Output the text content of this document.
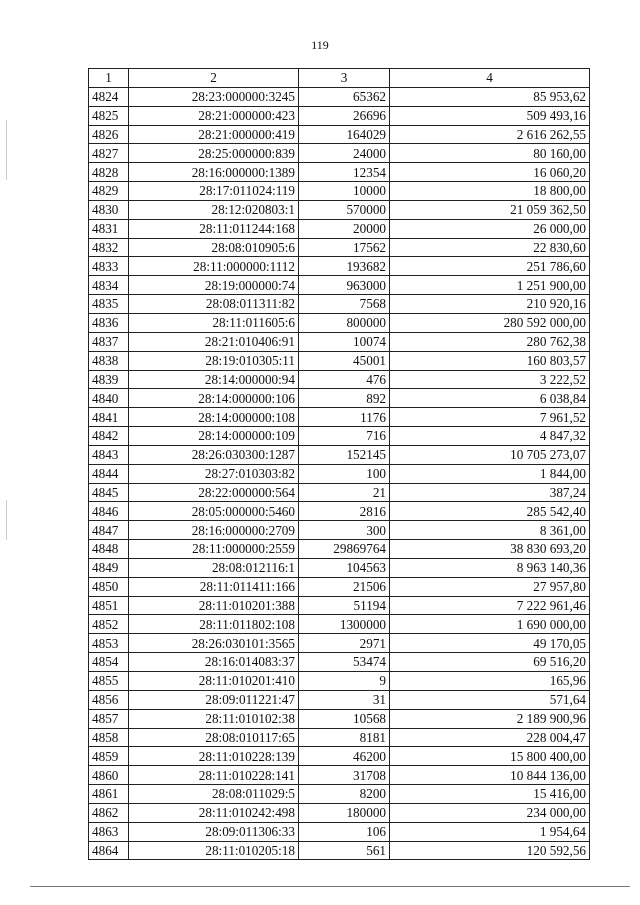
119
1	2	3	4
4824	28:23:000000:3245	65362	85 953,62
4825	28:21:000000:423	26696	509 493,16
4826	28:21:000000:419	164029	2 616 262,55
4827	28:25:000000:839	24000	80 160,00
4828	28:16:000000:1389	12354	16 060,20
4829	28:17:011024:119	10000	18 800,00
4830	28:12:020803:1	570000	21 059 362,50
4831	28:11:011244:168	20000	26 000,00
4832	28:08:010905:6	17562	22 830,60
4833	28:11:000000:1112	193682	251 786,60
4834	28:19:000000:74	963000	1 251 900,00
4835	28:08:011311:82	7568	210 920,16
4836	28:11:011605:6	800000	280 592 000,00
4837	28:21:010406:91	10074	280 762,38
4838	28:19:010305:11	45001	160 803,57
4839	28:14:000000:94	476	3 222,52
4840	28:14:000000:106	892	6 038,84
4841	28:14:000000:108	1176	7 961,52
4842	28:14:000000:109	716	4 847,32
4843	28:26:030300:1287	152145	10 705 273,07
4844	28:27:010303:82	100	1 844,00
4845	28:22:000000:564	21	387,24
4846	28:05:000000:5460	2816	285 542,40
4847	28:16:000000:2709	300	8 361,00
4848	28:11:000000:2559	29869764	38 830 693,20
4849	28:08:012116:1	104563	8 963 140,36
4850	28:11:011411:166	21506	27 957,80
4851	28:11:010201:388	51194	7 222 961,46
4852	28:11:011802:108	1300000	1 690 000,00
4853	28:26:030101:3565	2971	49 170,05
4854	28:16:014083:37	53474	69 516,20
4855	28:11:010201:410	9	165,96
4856	28:09:011221:47	31	571,64
4857	28:11:010102:38	10568	2 189 900,96
4858	28:08:010117:65	8181	228 004,47
4859	28:11:010228:139	46200	15 800 400,00
4860	28:11:010228:141	31708	10 844 136,00
4861	28:08:011029:5	8200	15 416,00
4862	28:11:010242:498	180000	234 000,00
4863	28:09:011306:33	106	1 954,64
4864	28:11:010205:18	561	120 592,56
